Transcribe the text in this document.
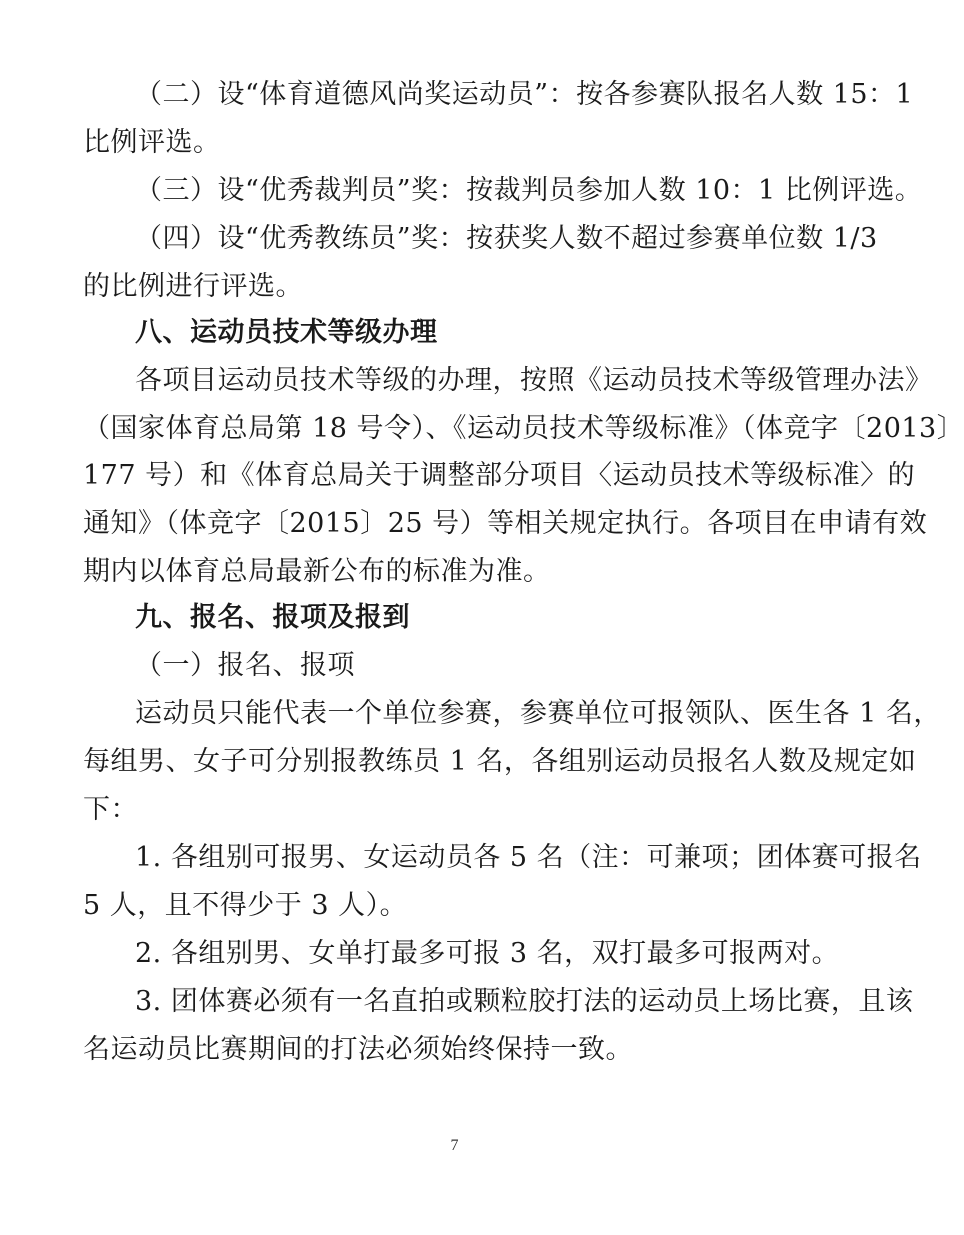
（二）设“体育道德风尚奖运动员”：按各参赛队报名人数 15：1
比例评选。
（三）设“优秀裁判员”奖：按裁判员参加人数 10：1 比例评选。
（四）设“优秀教练员”奖：按获奖人数不超过参赛单位数 1/3
的比例进行评选。
八、运动员技术等级办理
各项目运动员技术等级的办理，按照《运动员技术等级管理办法》
（国家体育总局第 18 号令）、《运动员技术等级标准》（体竞字〔2013〕
177 号）和《体育总局关于调整部分项目〈运动员技术等级标准〉的
通知》（体竞字〔2015〕25 号）等相关规定执行。各项目在申请有效
期内以体育总局最新公布的标准为准。
九、报名、报项及报到
（一）报名、报项
运动员只能代表一个单位参赛，参赛单位可报领队、医生各 1 名，
每组男、女子可分别报教练员 1 名，各组别运动员报名人数及规定如
下：
1. 各组别可报男、女运动员各 5 名（注：可兼项；团体赛可报名
5 人，且不得少于 3 人）。
2. 各组别男、女单打最多可报 3 名，双打最多可报两对。
3. 团体赛必须有一名直拍或颗粒胶打法的运动员上场比赛，且该
名运动员比赛期间的打法必须始终保持一致。
7
